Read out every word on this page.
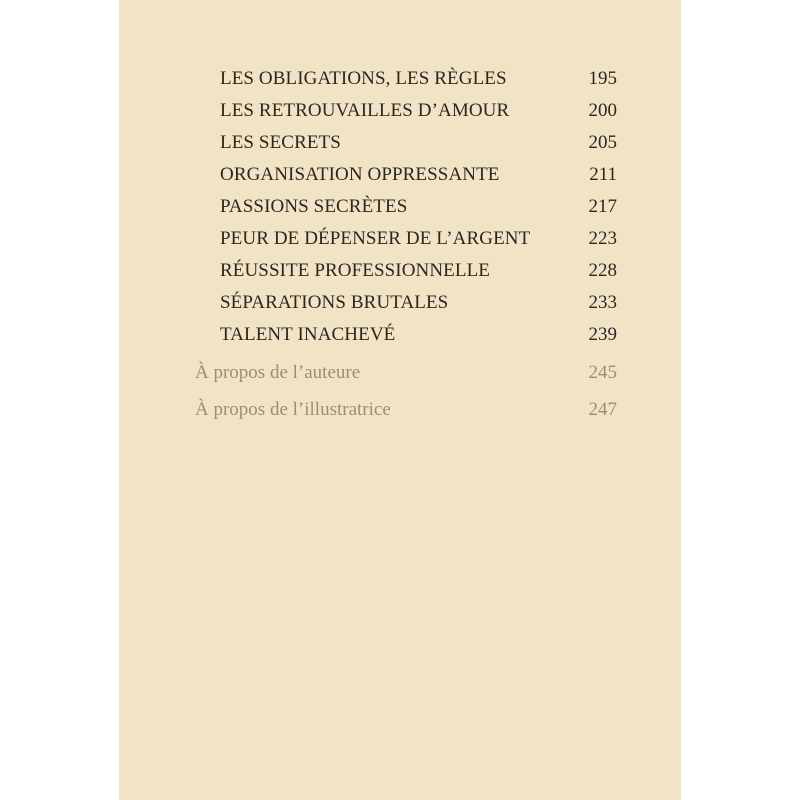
LES OBLIGATIONS, LES RÈGLES	195
LES RETROUVAILLES D’AMOUR	200
LES SECRETS	205
ORGANISATION OPPRESSANTE	211
PASSIONS SECRÈTES	217
PEUR DE DÉPENSER DE L’ARGENT	223
RÉUSSITE PROFESSIONNELLE	228
SÉPARATIONS BRUTALES	233
TALENT INACHEVÉ	239
À propos de l’auteure	245
À propos de l’illustratrice	247
